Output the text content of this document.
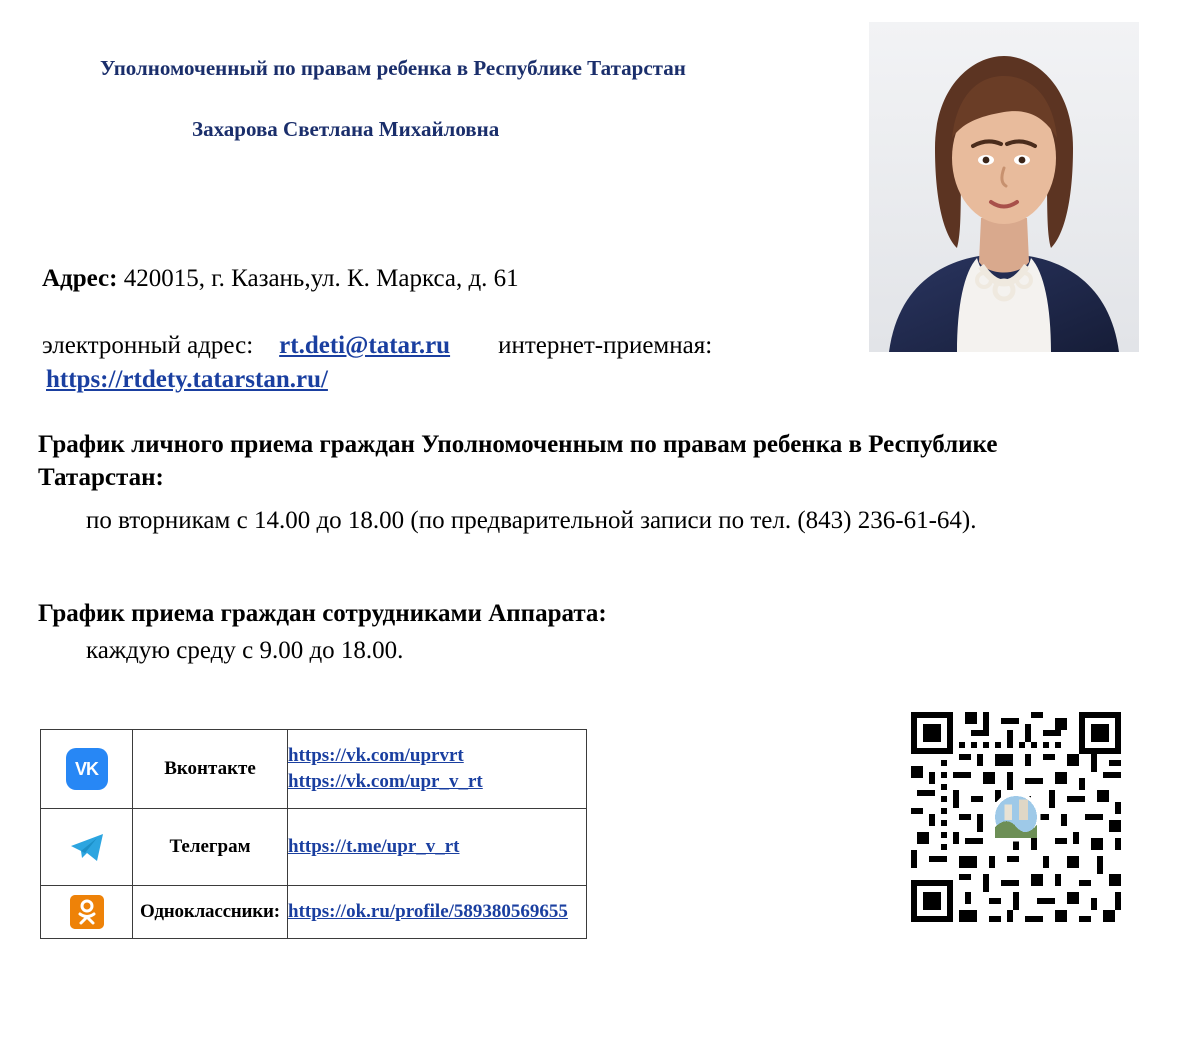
Уполномоченный по правам ребенка в Республике Татарстан
Захарова Светлана Михайловна
Адрес: 420015, г. Казань,ул. К. Маркса, д. 61
электронный адрес: rt.deti@tatar.ru интернет-приемная:
https://rtdety.tatarstan.ru/
График личного приема граждан Уполномоченным по правам ребенка в Республике Татарстан:
по вторникам с 14.00 до 18.00 (по предварительной записи по тел. (843) 236-61-64).
График приема граждан сотрудниками Аппарата:
каждую среду с 9.00 до 18.00.
VK	Вконтакте	https://vk.com/uprvrt
https://vk.com/upr_v_rt

	Телеграм	https://t.me/upr_v_rt

	Одноклассники:	https://ok.ru/profile/589380569655
